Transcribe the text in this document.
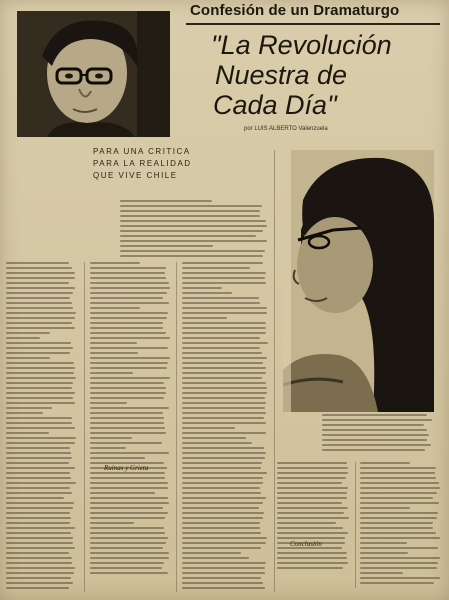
Confesión de un Dramaturgo
"La Revolución
Nuestra de
Cada Día"
por LUIS ALBERTO Valenzuela
PARA UNA CRITICA
PARA LA REALIDAD
QUE VIVE CHILE
Ruinas y Grieta
Conclusión
